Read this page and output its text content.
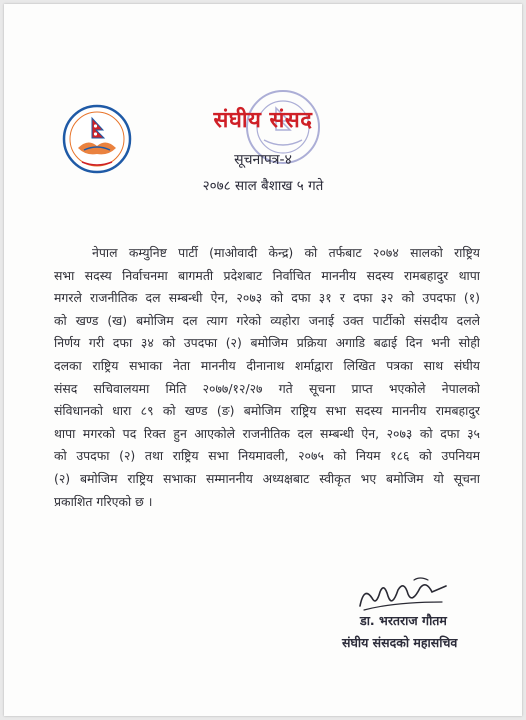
संघीय संसद
सूचनापत्र-४
२०७८ साल बैशाख ५ गते
नेपाल कम्युनिष्ट पार्टी (माओवादी केन्द्र) को तर्फबाट २०७४ सालको राष्ट्रिय
सभा सदस्य निर्वाचनमा बागमती प्रदेशबाट निर्वाचित माननीय सदस्य रामबहादुर थापा
मगरले राजनीतिक दल सम्बन्धी ऐन, २०७३ को दफा ३१ र दफा ३२ को उपदफा (१)
को खण्ड (ख) बमोजिम दल त्याग गरेको व्यहोरा जनाई उक्त पार्टीको संसदीय दलले
निर्णय गरी दफा ३४ को उपदफा (२) बमोजिम प्रक्रिया अगाडि बढाई दिन भनी सोही
दलका राष्ट्रिय सभाका नेता माननीय दीनानाथ शर्माद्वारा लिखित पत्रका साथ संघीय
संसद सचिवालयमा मिति २०७७/१२/२७ गते सूचना प्राप्त भएकोले नेपालको
संविधानको धारा ८९ को खण्ड (ङ) बमोजिम राष्ट्रिय सभा सदस्य माननीय रामबहादुर
थापा मगरको पद रिक्त हुन आएकोले राजनीतिक दल सम्बन्धी ऐन, २०७३ को दफा ३५
को उपदफा (२) तथा राष्ट्रिय सभा नियमावली, २०७५ को नियम १८६ को उपनियम
(२) बमोजिम राष्ट्रिय सभाका सम्माननीय अध्यक्षबाट स्वीकृत भए बमोजिम यो सूचना
प्रकाशित गरिएको छ ।
डा. भरतराज गौतम
संघीय संसदको महासचिव
